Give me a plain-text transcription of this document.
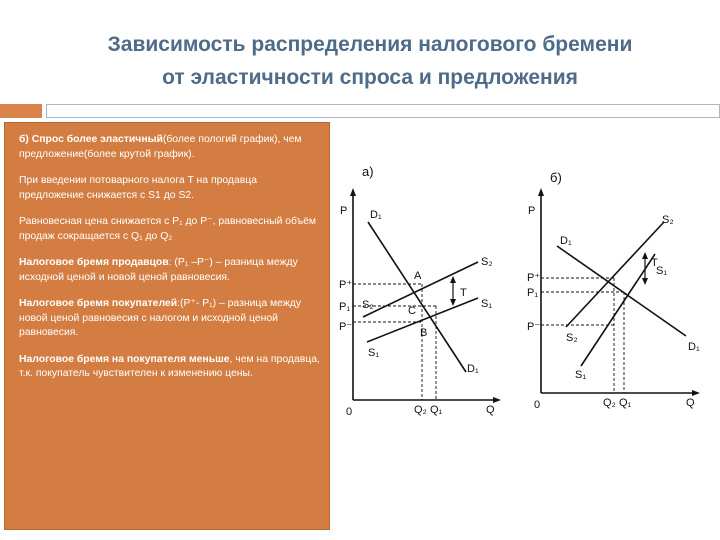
Зависимость распределения налогового бремени
от эластичности спроса и предложения

б) Спрос более эластичный(более пологий график), чем предложение(более крутой график).

При введении потоварного налога T на продавца предложение снижается с S1 до S2.

Равновесная цена снижается с P₁ до P⁻, равновесный объём продаж сокращается с Q₁ до Q₂

Налоговое бремя продавцов: (P₁ –P⁻) – разница между исходной ценой и новой ценой равновесия.

Налоговое бремя покупателей:(P⁺- P₁) – разница между новой ценой равновесия с налогом и исходной ценой равновесия.

Налоговое бремя на покупателя меньше, чем на продавца, т.к. покупатель чувствителен к изменению цены.

а)
P
P⁺
P₁
P⁻
0	Q₂ Q₁	Q
D₁
D₁
S₂
S₁
S₂
S₁
A
C
B
T
б)
P
P⁺
P₁
P⁻
0	Q₂ Q₁	Q
S₂
S₁
D₁
D₁
S₂
S₁
T
